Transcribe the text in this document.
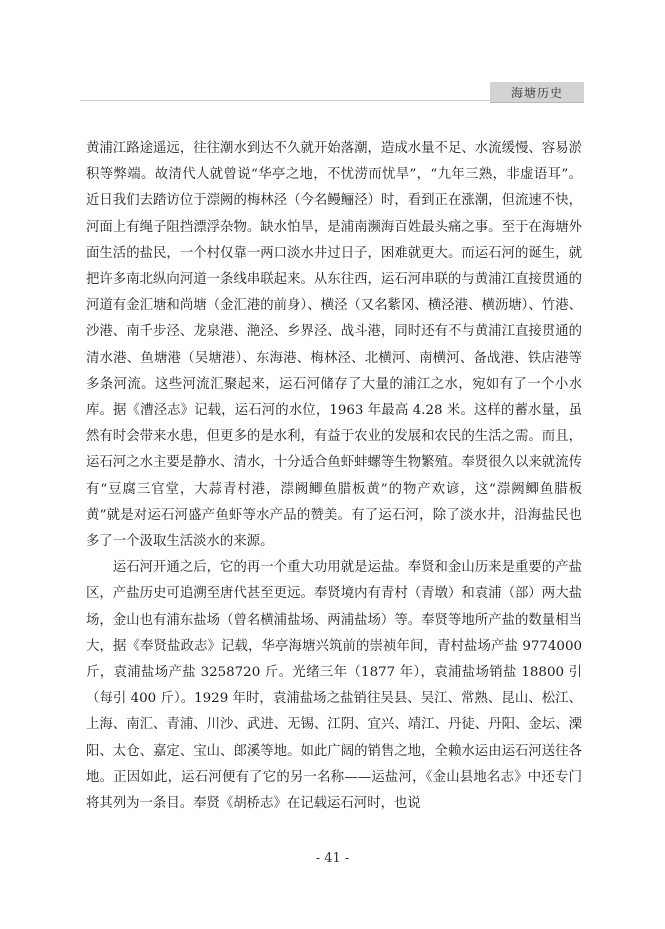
海塘历史

黄浦江路途遥远，往往潮水到达不久就开始落潮，造成水量不足、水流缓慢、容易淤积等弊端。故清代人就曾说“华亭之地，不忧涝而忧旱”，“九年三熟，非虚语耳”。近日我们去踏访位于漴阙的梅林泾（今名鳗鲡泾）时，看到正在涨潮，但流速不快，河面上有绳子阻挡漂浮杂物。缺水怕旱，是浦南濒海百姓最头痛之事。至于在海塘外面生活的盐民，一个村仅靠一两口淡水井过日子，困难就更大。而运石河的诞生，就把许多南北纵向河道一条线串联起来。从东往西，运石河串联的与黄浦江直接贯通的河道有金汇塘和尚塘（金汇港的前身）、横泾（又名紫冈、横泾港、横沥塘）、竹港、沙港、南千步泾、龙泉港、滟泾、乡界泾、战斗港，同时还有不与黄浦江直接贯通的清水港、鱼塘港（吴塘港）、东海港、梅林泾、北横河、南横河、备战港、铁店港等多条河流。这些河流汇聚起来，运石河储存了大量的浦江之水，宛如有了一个小水库。据《漕泾志》记载，运石河的水位，1963 年最高 4.28 米。这样的蓄水量，虽然有时会带来水患，但更多的是水利，有益于农业的发展和农民的生活之需。而且，运石河之水主要是静水、清水，十分适合鱼虾蚌螺等生物繁殖。奉贤很久以来就流传有“豆腐三官堂，大蒜青村港，漴阙鲫鱼腊板黄”的物产欢谚，这“漴阙鲫鱼腊板黄”就是对运石河盛产鱼虾等水产品的赞美。有了运石河，除了淡水井，沿海盐民也多了一个汲取生活淡水的来源。

运石河开通之后，它的再一个重大功用就是运盐。奉贤和金山历来是重要的产盐区，产盐历史可追溯至唐代甚至更远。奉贤境内有青村（青墩）和袁浦（部）两大盐场，金山也有浦东盐场（曾名横浦盐场、两浦盐场）等。奉贤等地所产盐的数量相当大，据《奉贤盐政志》记载，华亭海塘兴筑前的崇祯年间，青村盐场产盐 9774000 斤，袁浦盐场产盐 3258720 斤。光绪三年（1877 年），袁浦盐场销盐 18800 引（每引 400 斤）。1929 年时，袁浦盐场之盐销往吴县、吴江、常熟、昆山、松江、上海、南汇、青浦、川沙、武进、无锡、江阴、宜兴、靖江、丹徒、丹阳、金坛、溧阳、太仓、嘉定、宝山、郎溪等地。如此广阔的销售之地，全赖水运由运石河送往各地。正因如此，运石河便有了它的另一名称——运盐河，《金山县地名志》中还专门将其列为一条目。奉贤《胡桥志》在记载运石河时，也说

- 41 -
